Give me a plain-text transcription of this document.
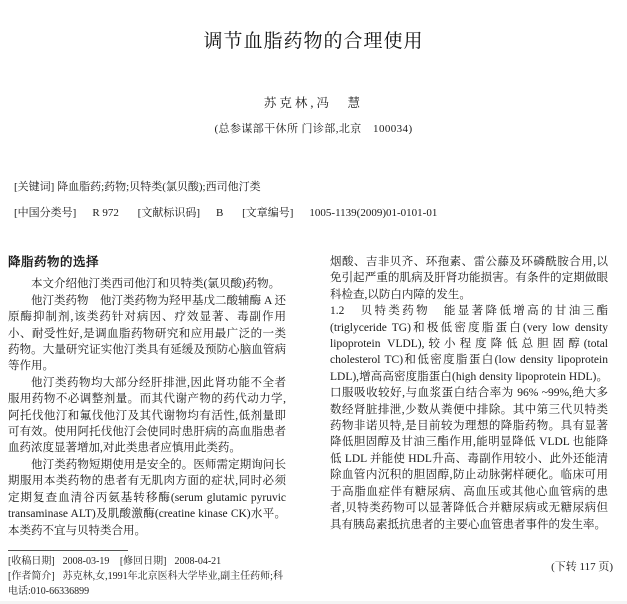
调节血脂药物的合理使用
苏克林,冯　慧
(总参谋部干休所 门诊部,北京　100034)
[关键词] 降血脂药;药物;贝特类(氯贝酸);西司他汀类
[中国分类号] R 972 [文献标识码] B [文章编号] 1005-1139(2009)01-0101-01
降脂药物的选择

本文介绍他汀类西司他汀和贝特类(氯贝酸)药物。

他汀类药物　他汀类药物为羟甲基戊二酸辅酶 A 还原酶抑制剂,该类药针对病因、疗效显著、毒副作用小、耐受性好,是调血脂药物研究和应用最广泛的一类药物。大量研究证实他汀类具有延缓及预防心脑血管病等作用。

他汀类药物均大部分经肝排泄,因此肾功能不全者服用药物不必调整剂量。而其代谢产物的药代动力学,阿托伐他汀和氟伐他汀及其代谢物均有活性,低剂量即可有效。使用阿托伐他汀会使同时患肝病的高血脂患者血药浓度显著增加,对此类患者应慎用此类药。

他汀类药物短期使用是安全的。医师需定期询问长期服用本类药物的患者有无肌肉方面的症状,同时必须定期复查血清谷丙氨基转移酶(serum glutamic pyruvic transaminase ALT)及肌酸激酶(creatine kinase CK)水平。本类药不宜与贝特类合用。

烟酸、吉非贝齐、环孢素、雷公藤及环磷酰胺合用,以免引起严重的肌病及肝肾功能损害。有条件的定期做眼科检查,以防白内障的发生。

1.2　贝特类药物　能显著降低增高的甘油三酯(triglyceride TG)和极低密度脂蛋白(very low density lipoprotein VLDL),较小程度降低总胆固醇(total cholesterol TC)和低密度脂蛋白(low density lipoprotein LDL),增高高密度脂蛋白(high density lipoprotein HDL)。口服吸收较好,与血浆蛋白结合率为 96% ~99%,绝大多数经肾脏排泄,少数从粪便中排除。其中第三代贝特类药物非诺贝特,是目前较为理想的降脂药物。具有显著降低胆固醇及甘油三酯作用,能明显降低 VLDL 也能降低 LDL 并能使 HDL升高、毒副作用较小、此外还能清除血管内沉积的胆固醇,防止动脉粥样硬化。临床可用于高脂血症伴有糖尿病、高血压或其他心血管病的患者,贝特类药物可以显著降低合并糖尿病或无糖尿病但具有胰岛素抵抗患者的主要心血管患者事件的发生率。

(下转 117 页)
[收稿日期] 2008-03-19 [修回日期] 2008-04-21
[作者简介] 苏克林,女,1991年北京医科大学毕业,副主任药师;科
电话:010-66336899
